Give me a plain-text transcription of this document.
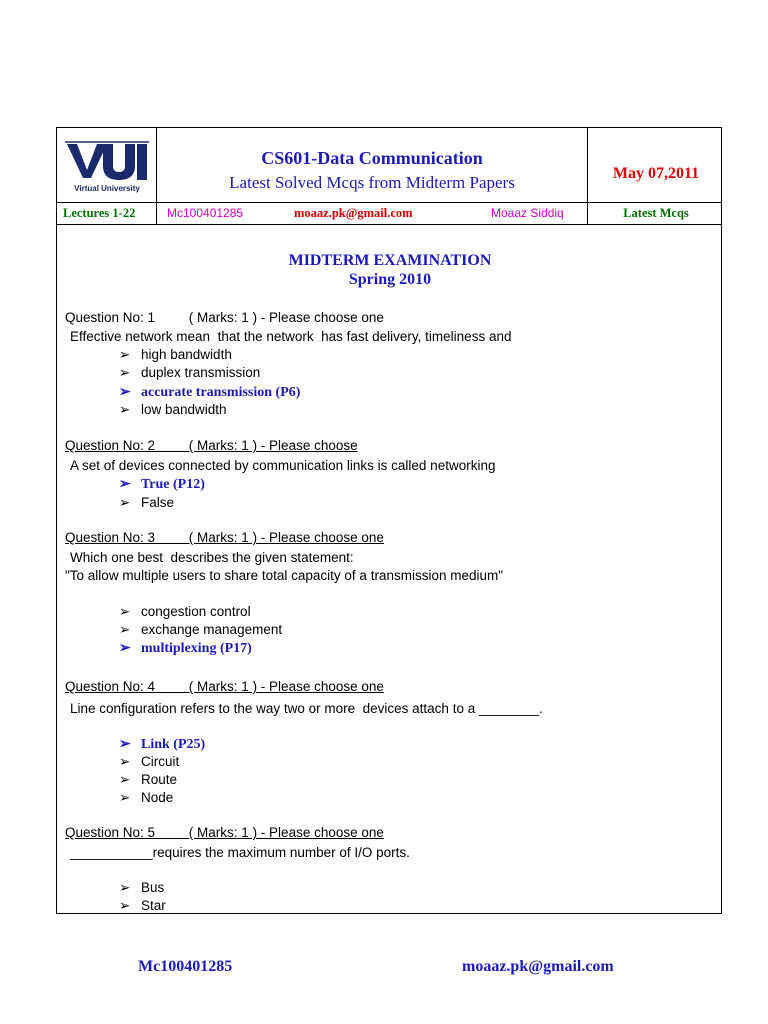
Virtual University
CS601-Data Communication
Latest Solved Mcqs from Midterm Papers	May 07,2011
Lectures 1-22	Mc100401285	moaaz.pk@gmail.com	Moaaz Siddiq	Latest Mcqs
MIDTERM EXAMINATION
Spring 2010
Question No: 1         ( Marks: 1 ) - Please choose one
Effective network mean  that the network  has fast delivery, timeliness and
➢ high bandwidth
➢ duplex transmission
➢ accurate transmission (P6)
➢ low bandwidth
Question No: 2         ( Marks: 1 ) - Please choose
A set of devices connected by communication links is called networking
➢ True (P12)
➢ False
Question No: 3         ( Marks: 1 ) - Please choose one
Which one best  describes the given statement:
"To allow multiple users to share total capacity of a transmission medium"
➢ congestion control
➢ exchange management
➢ multiplexing (P17)
Question No: 4         ( Marks: 1 ) - Please choose one
Line configuration refers to the way two or more  devices attach to a ________.
➢ Link (P25)
➢ Circuit
➢ Route
➢ Node
Question No: 5         ( Marks: 1 ) - Please choose one
___________requires the maximum number of I/O ports.
➢ Bus
➢ Star
Mc100401285	moaaz.pk@gmail.com
